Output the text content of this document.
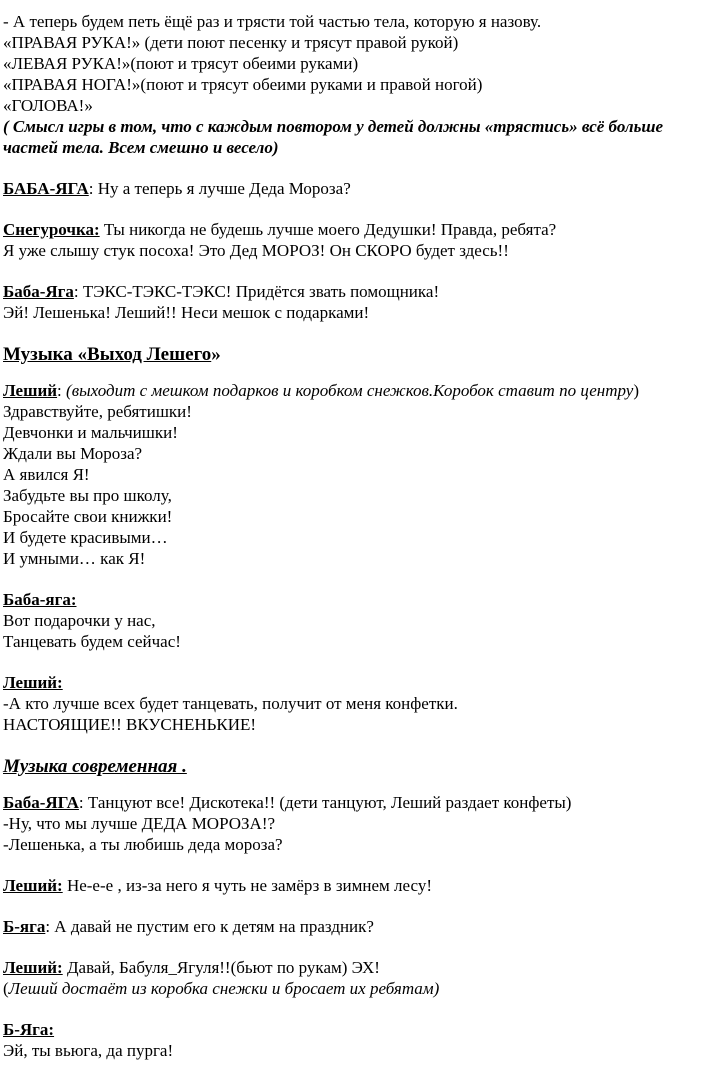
- А теперь будем петь ёщё раз и трясти той частью тела, которую я назову.
«ПРАВАЯ РУКА!» (дети поют песенку и трясут правой рукой)
«ЛЕВАЯ РУКА!»(поют и трясут обеими руками)
«ПРАВАЯ НОГА!»(поют и трясут обеими руками и правой ногой)
«ГОЛОВА!»
( Смысл игры в том, что с каждым повтором у детей должны «трястись» всё больше
частей тела. Всем смешно и весело)
БАБА-ЯГА: Ну а теперь я лучше Деда Мороза?
Снегурочка: Ты никогда не будешь лучше моего Дедушки! Правда, ребята?
Я уже слышу стук посоха! Это Дед МОРОЗ! Он СКОРО будет здесь!!
Баба-Яга: ТЭКС-ТЭКС-ТЭКС! Придётся звать помощника!
Эй! Лешенька! Леший!! Неси мешок с подарками!
Музыка «Выход Лешего»
Леший: (выходит с мешком подарков и коробком снежков.Коробок ставит по центру)
Здравствуйте, ребятишки!
Девчонки и мальчишки!
Ждали вы Мороза?
А явился Я!
Забудьте вы про школу,
Бросайте свои книжки!
И будете красивыми…
И умными… как Я!
Баба-яга:
Вот подарочки у нас,
Танцевать будем сейчас!
Леший:
-А кто лучше всех будет танцевать, получит от меня конфетки.
НАСТОЯЩИЕ!! ВКУСНЕНЬКИЕ!
Музыка современная .
Баба-ЯГА: Танцуют все! Дискотека!! (дети танцуют, Леший раздает конфеты)
-Ну, что мы лучше ДЕДА МОРОЗА!?
-Лешенька, а ты любишь деда мороза?
Леший: Не-е-е , из-за него я чуть не замёрз в зимнем лесу!
Б-яга: А давай не пустим его к детям на праздник?
Леший: Давай, Бабуля_Ягуля!!(бьют по рукам) ЭХ!
(Леший достаёт из коробка снежки и бросает их ребятам)
Б-Яга:
Эй, ты вьюга, да пурга!
